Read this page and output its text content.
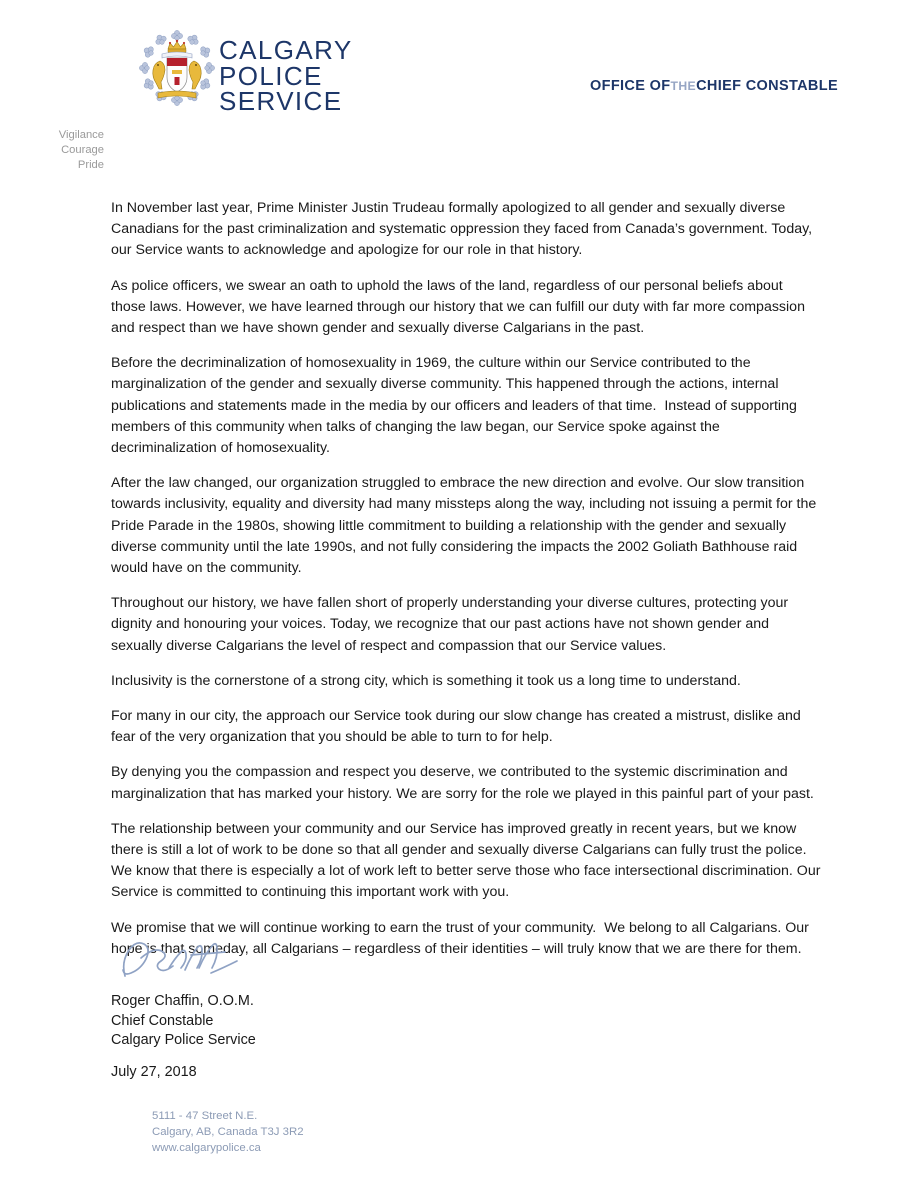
CALGARY
POLICE
SERVICE	OFFICE OFTHECHIEF CONSTABLE
Vigilance
Courage
Pride

In November last year, Prime Minister Justin Trudeau formally apologized to all gender and sexually diverse Canadians for the past criminalization and systematic oppression they faced from Canada’s government. Today, our Service wants to acknowledge and apologize for our role in that history.

As police officers, we swear an oath to uphold the laws of the land, regardless of our personal beliefs about those laws. However, we have learned through our history that we can fulfill our duty with far more compassion and respect than we have shown gender and sexually diverse Calgarians in the past.

Before the decriminalization of homosexuality in 1969, the culture within our Service contributed to the marginalization of the gender and sexually diverse community. This happened through the actions, internal publications and statements made in the media by our officers and leaders of that time.  Instead of supporting members of this community when talks of changing the law began, our Service spoke against the decriminalization of homosexuality.

After the law changed, our organization struggled to embrace the new direction and evolve. Our slow transition towards inclusivity, equality and diversity had many missteps along the way, including not issuing a permit for the Pride Parade in the 1980s, showing little commitment to building a relationship with the gender and sexually diverse community until the late 1990s, and not fully considering the impacts the 2002 Goliath Bathhouse raid would have on the community.

Throughout our history, we have fallen short of properly understanding your diverse cultures, protecting your dignity and honouring your voices. Today, we recognize that our past actions have not shown gender and sexually diverse Calgarians the level of respect and compassion that our Service values.

Inclusivity is the cornerstone of a strong city, which is something it took us a long time to understand.

For many in our city, the approach our Service took during our slow change has created a mistrust, dislike and fear of the very organization that you should be able to turn to for help.

By denying you the compassion and respect you deserve, we contributed to the systemic discrimination and marginalization that has marked your history. We are sorry for the role we played in this painful part of your past.

The relationship between your community and our Service has improved greatly in recent years, but we know there is still a lot of work to be done so that all gender and sexually diverse Calgarians can fully trust the police. We know that there is especially a lot of work left to better serve those who face intersectional discrimination. Our Service is committed to continuing this important work with you.

We promise that we will continue working to earn the trust of your community.  We belong to all Calgarians. Our hope is that someday, all Calgarians – regardless of their identities – will truly know that we are there for them.

Roger Chaffin, O.O.M.
Chief Constable
Calgary Police Service
July 27, 2018
5111 - 47 Street N.E.
Calgary, AB, Canada T3J 3R2
www.calgarypolice.ca
